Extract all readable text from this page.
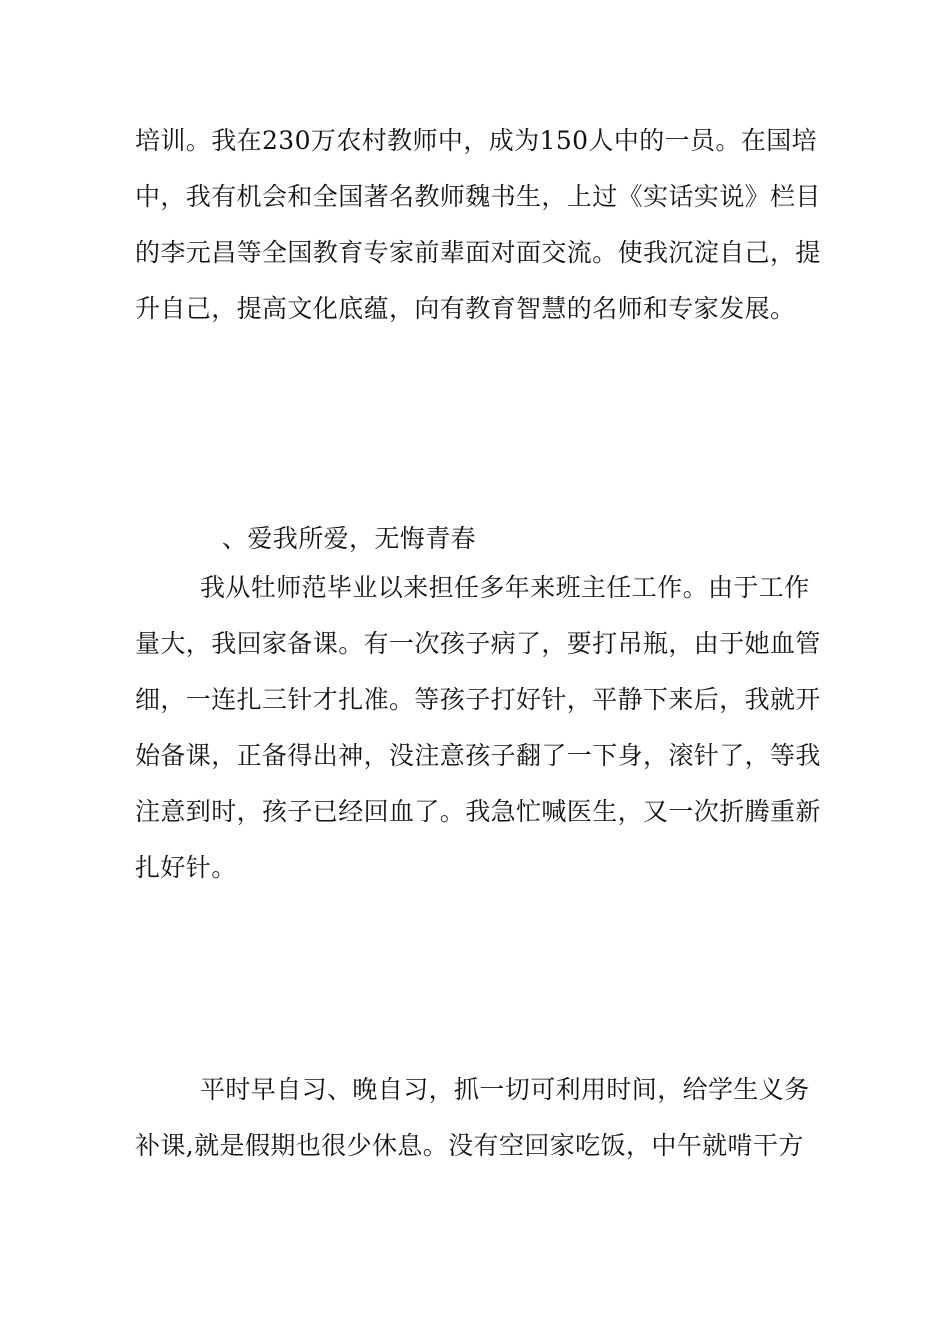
培训。我在230万农村教师中，成为150人中的一员。在国培
中，我有机会和全国著名教师魏书生，上过《实话实说》栏目
的李元昌等全国教育专家前辈面对面交流。使我沉淀自己，提
升自己，提高文化底蕴，向有教育智慧的名师和专家发展。
、爱我所爱，无悔青春
我从牡师范毕业以来担任多年来班主任工作。由于工作
量大，我回家备课。有一次孩子病了，要打吊瓶，由于她血管
细，一连扎三针才扎准。等孩子打好针，平静下来后，我就开
始备课，正备得出神，没注意孩子翻了一下身，滚针了，等我
注意到时，孩子已经回血了。我急忙喊医生，又一次折腾重新
扎好针。
平时早自习、晚自习，抓一切可利用时间，给学生义务
补课,就是假期也很少休息。没有空回家吃饭，中午就啃干方
